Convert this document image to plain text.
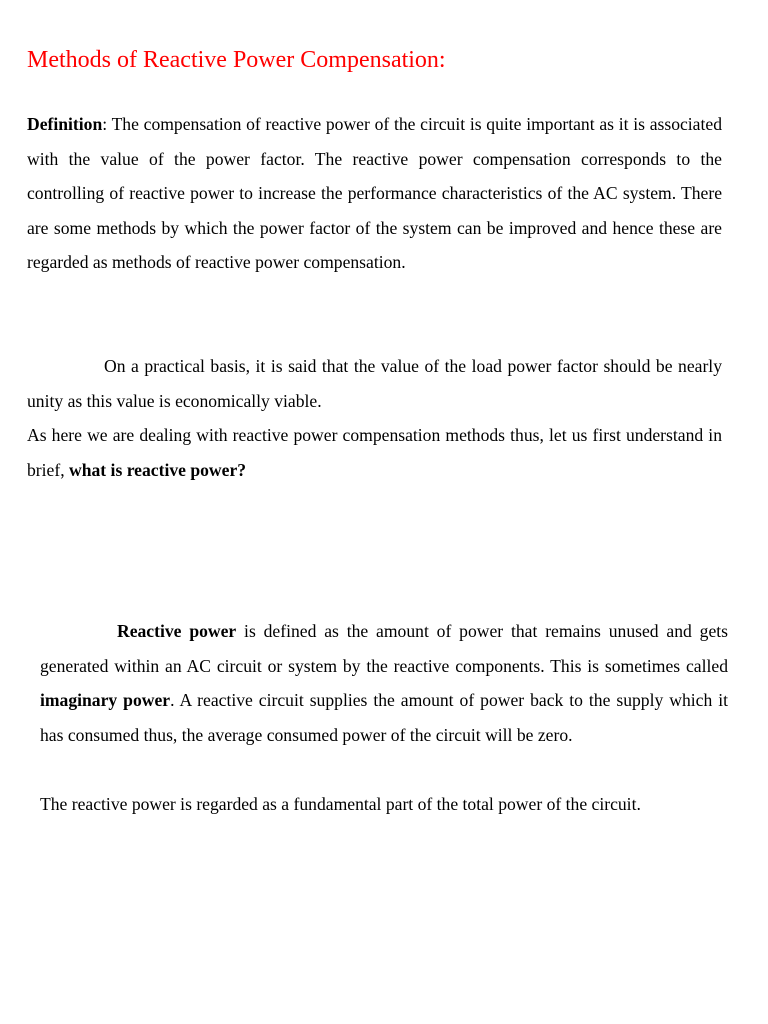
Methods of Reactive Power Compensation:

Definition: The compensation of reactive power of the circuit is quite important as it is associated with the value of the power factor. The reactive power compensation corresponds to the controlling of reactive power to increase the performance characteristics of the AC system. There are some methods by which the power factor of the system can be improved and hence these are regarded as methods of reactive power compensation.

On a practical basis, it is said that the value of the load power factor should be nearly unity as this value is economically viable.

As here we are dealing with reactive power compensation methods thus, let us first understand in brief, what is reactive power?

Reactive power is defined as the amount of power that remains unused and gets generated within an AC circuit or system by the reactive components. This is sometimes called imaginary power. A reactive circuit supplies the amount of power back to the supply which it has consumed thus, the average consumed power of the circuit will be zero.

The reactive power is regarded as a fundamental part of the total power of the circuit.
